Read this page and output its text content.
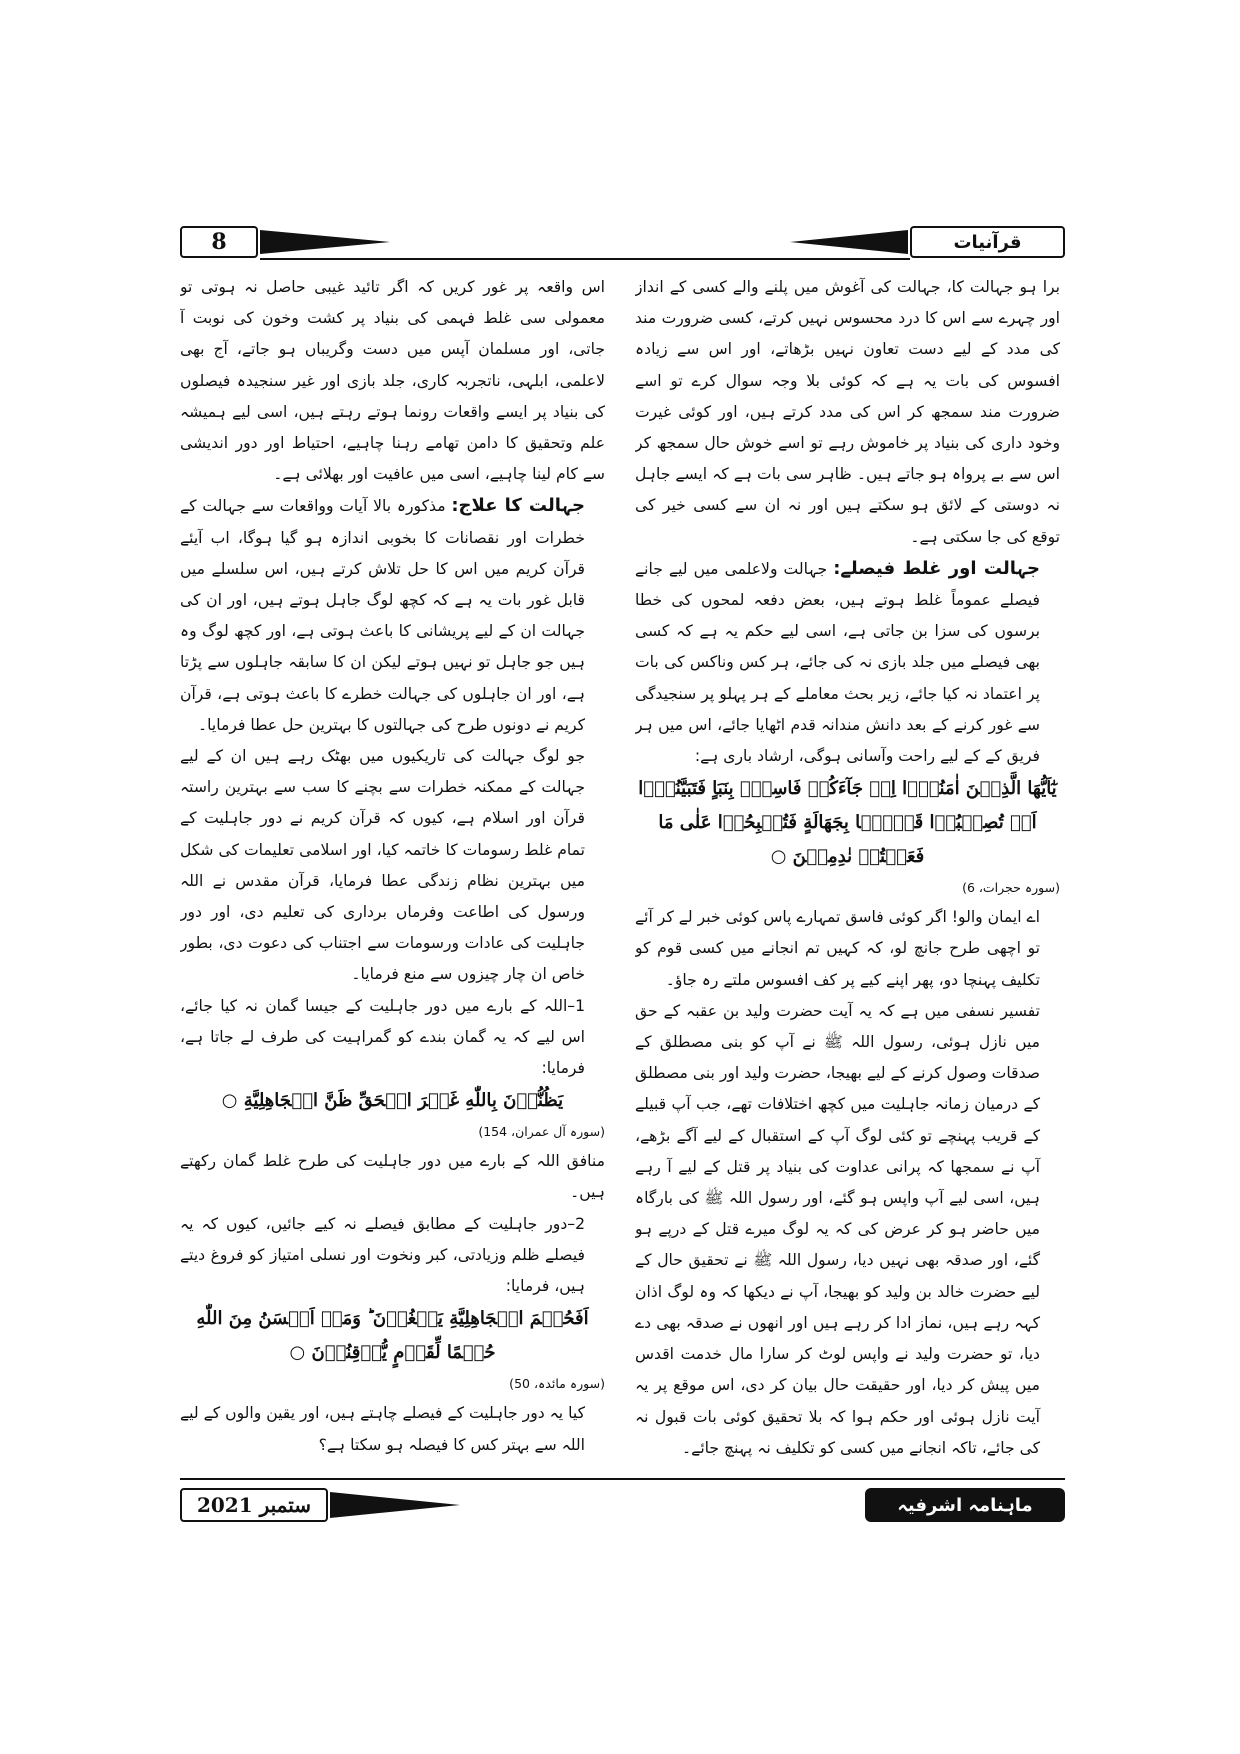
8	قرآنیات

برا ہو جہالت کا، جہالت کی آغوش میں پلنے والے کسی کے انداز اور چہرے سے اس کا درد محسوس نہیں کرتے، کسی ضرورت مند کی مدد کے لیے دست تعاون نہیں بڑھاتے، اور اس سے زیادہ افسوس کی بات یہ ہے کہ کوئی بلا وجہ سوال کرے تو اسے ضرورت مند سمجھ کر اس کی مدد کرتے ہیں، اور کوئی غیرت وخود داری کی بنیاد پر خاموش رہے تو اسے خوش حال سمجھ کر اس سے بے پرواہ ہو جاتے ہیں۔ ظاہر سی بات ہے کہ ایسے جاہل نہ دوستی کے لائق ہو سکتے ہیں اور نہ ان سے کسی خیر کی توقع کی جا سکتی ہے۔

جہالت اور غلط فیصلے: جہالت ولاعلمی میں لیے جانے فیصلے عموماً غلط ہوتے ہیں، بعض دفعہ لمحوں کی خطا برسوں کی سزا بن جاتی ہے، اسی لیے حکم یہ ہے کہ کسی بھی فیصلے میں جلد بازی نہ کی جائے، ہر کس وناکس کی بات پر اعتماد نہ کیا جائے، زیر بحث معاملے کے ہر پہلو پر سنجیدگی سے غور کرنے کے بعد دانش مندانہ قدم اٹھایا جائے، اس میں ہر فریق کے کے لیے راحت وآسانی ہوگی، ارشاد باری ہے:

یٰٓاَیُّهَا الَّذِیۡنَ اٰمَنُوۡۤا اِنۡ جَآءَكُمۡ فَاسِقٌۢ بِنَبَاٍ فَتَبَیَّنُوۡۤا اَنۡ تُصِیۡبُوۡا قَوۡمًۢا بِجَهَالَةٍ فَتُصۡبِحُوۡا عَلٰی مَا فَعَلۡتُمۡ نٰدِمِیۡنَ ○

(سورہ حجرات، 6)

اے ایمان والو! اگر کوئی فاسق تمہارے پاس کوئی خبر لے کر آئے تو اچھی طرح جانچ لو، کہ کہیں تم انجانے میں کسی قوم کو تکلیف پہنچا دو، پھر اپنے کیے پر کف افسوس ملتے رہ جاؤ۔

تفسیر نسفی میں ہے کہ یہ آیت حضرت ولید بن عقبہ کے حق میں نازل ہوئی، رسول اللہ ﷺ نے آپ کو بنی مصطلق کے صدقات وصول کرنے کے لیے بھیجا، حضرت ولید اور بنی مصطلق کے درمیان زمانہ جاہلیت میں کچھ اختلافات تھے، جب آپ قبیلے کے قریب پہنچے تو کئی لوگ آپ کے استقبال کے لیے آگے بڑھے، آپ نے سمجھا کہ پرانی عداوت کی بنیاد پر قتل کے لیے آ رہے ہیں، اسی لیے آپ واپس ہو گئے، اور رسول اللہ ﷺ کی بارگاہ میں حاضر ہو کر عرض کی کہ یہ لوگ میرے قتل کے درپے ہو گئے، اور صدقہ بھی نہیں دیا، رسول اللہ ﷺ نے تحقیق حال کے لیے حضرت خالد بن ولید کو بھیجا، آپ نے دیکھا کہ وہ لوگ اذان کہہ رہے ہیں، نماز ادا کر رہے ہیں اور انھوں نے صدقہ بھی دے دیا، تو حضرت ولید نے واپس لوٹ کر سارا مال خدمت اقدس میں پیش کر دیا، اور حقیقت حال بیان کر دی، اس موقع پر یہ آیت نازل ہوئی اور حکم ہوا کہ بلا تحقیق کوئی بات قبول نہ کی جائے، تاکہ انجانے میں کسی کو تکلیف نہ پہنچ جائے۔

اس واقعہ پر غور کریں کہ اگر تائید غیبی حاصل نہ ہوتی تو معمولی سی غلط فہمی کی بنیاد پر کشت وخون کی نوبت آ جاتی، اور مسلمان آپس میں دست وگریباں ہو جاتے، آج بھی لاعلمی، ابلہی، ناتجربہ کاری، جلد بازی اور غیر سنجیدہ فیصلوں کی بنیاد پر ایسے واقعات رونما ہوتے رہتے ہیں، اسی لیے ہمیشہ علم وتحقیق کا دامن تھامے رہنا چاہیے، احتیاط اور دور اندیشی سے کام لینا چاہیے، اسی میں عافیت اور بھلائی ہے۔

جہالت کا علاج: مذکورہ بالا آیات وواقعات سے جہالت کے خطرات اور نقصانات کا بخوبی اندازہ ہو گیا ہوگا، اب آیئے قرآن کریم میں اس کا حل تلاش کرتے ہیں، اس سلسلے میں قابل غور بات یہ ہے کہ کچھ لوگ جاہل ہوتے ہیں، اور ان کی جہالت ان کے لیے پریشانی کا باعث ہوتی ہے، اور کچھ لوگ وہ ہیں جو جاہل تو نہیں ہوتے لیکن ان کا سابقہ جاہلوں سے پڑتا ہے، اور ان جاہلوں کی جہالت خطرے کا باعث ہوتی ہے، قرآن کریم نے دونوں طرح کی جہالتوں کا بہترین حل عطا فرمایا۔

جو لوگ جہالت کی تاریکیوں میں بھٹک رہے ہیں ان کے لیے جہالت کے ممکنہ خطرات سے بچنے کا سب سے بہترین راستہ قرآن اور اسلام ہے، کیوں کہ قرآن کریم نے دور جاہلیت کے تمام غلط رسومات کا خاتمہ کیا، اور اسلامی تعلیمات کی شکل میں بہترین نظام زندگی عطا فرمایا، قرآن مقدس نے اللہ ورسول کی اطاعت وفرماں برداری کی تعلیم دی، اور دور جاہلیت کی عادات ورسومات سے اجتناب کی دعوت دی، بطور خاص ان چار چیزوں سے منع فرمایا۔

1–اللہ کے بارے میں دور جاہلیت کے جیسا گمان نہ کیا جائے، اس لیے کہ یہ گمان بندے کو گمراہیت کی طرف لے جاتا ہے، فرمایا:

یَظُنُّوۡنَ بِاللّٰهِ غَیۡرَ الۡحَقِّ ظَنَّ الۡجَاهِلِیَّةِ ○

(سورہ آل عمران، 154)

منافق اللہ کے بارے میں دور جاہلیت کی طرح غلط گمان رکھتے ہیں۔

2–دور جاہلیت کے مطابق فیصلے نہ کیے جائیں، کیوں کہ یہ فیصلے ظلم وزیادتی، کبر ونخوت اور نسلی امتیاز کو فروغ دیتے ہیں، فرمایا:

اَفَحُكۡمَ الۡجَاهِلِیَّةِ یَبۡغُوۡنَ ؕ وَمَنۡ اَحۡسَنُ مِنَ اللّٰهِ حُكۡمًا لِّقَوۡمٍ یُّوۡقِنُوۡنَ ○

(سورہ مائدہ، 50)

کیا یہ دور جاہلیت کے فیصلے چاہتے ہیں، اور یقین والوں کے لیے اللہ سے بہتر کس کا فیصلہ ہو سکتا ہے؟

ستمبر 2021	ماہنامہ اشرفیہ
